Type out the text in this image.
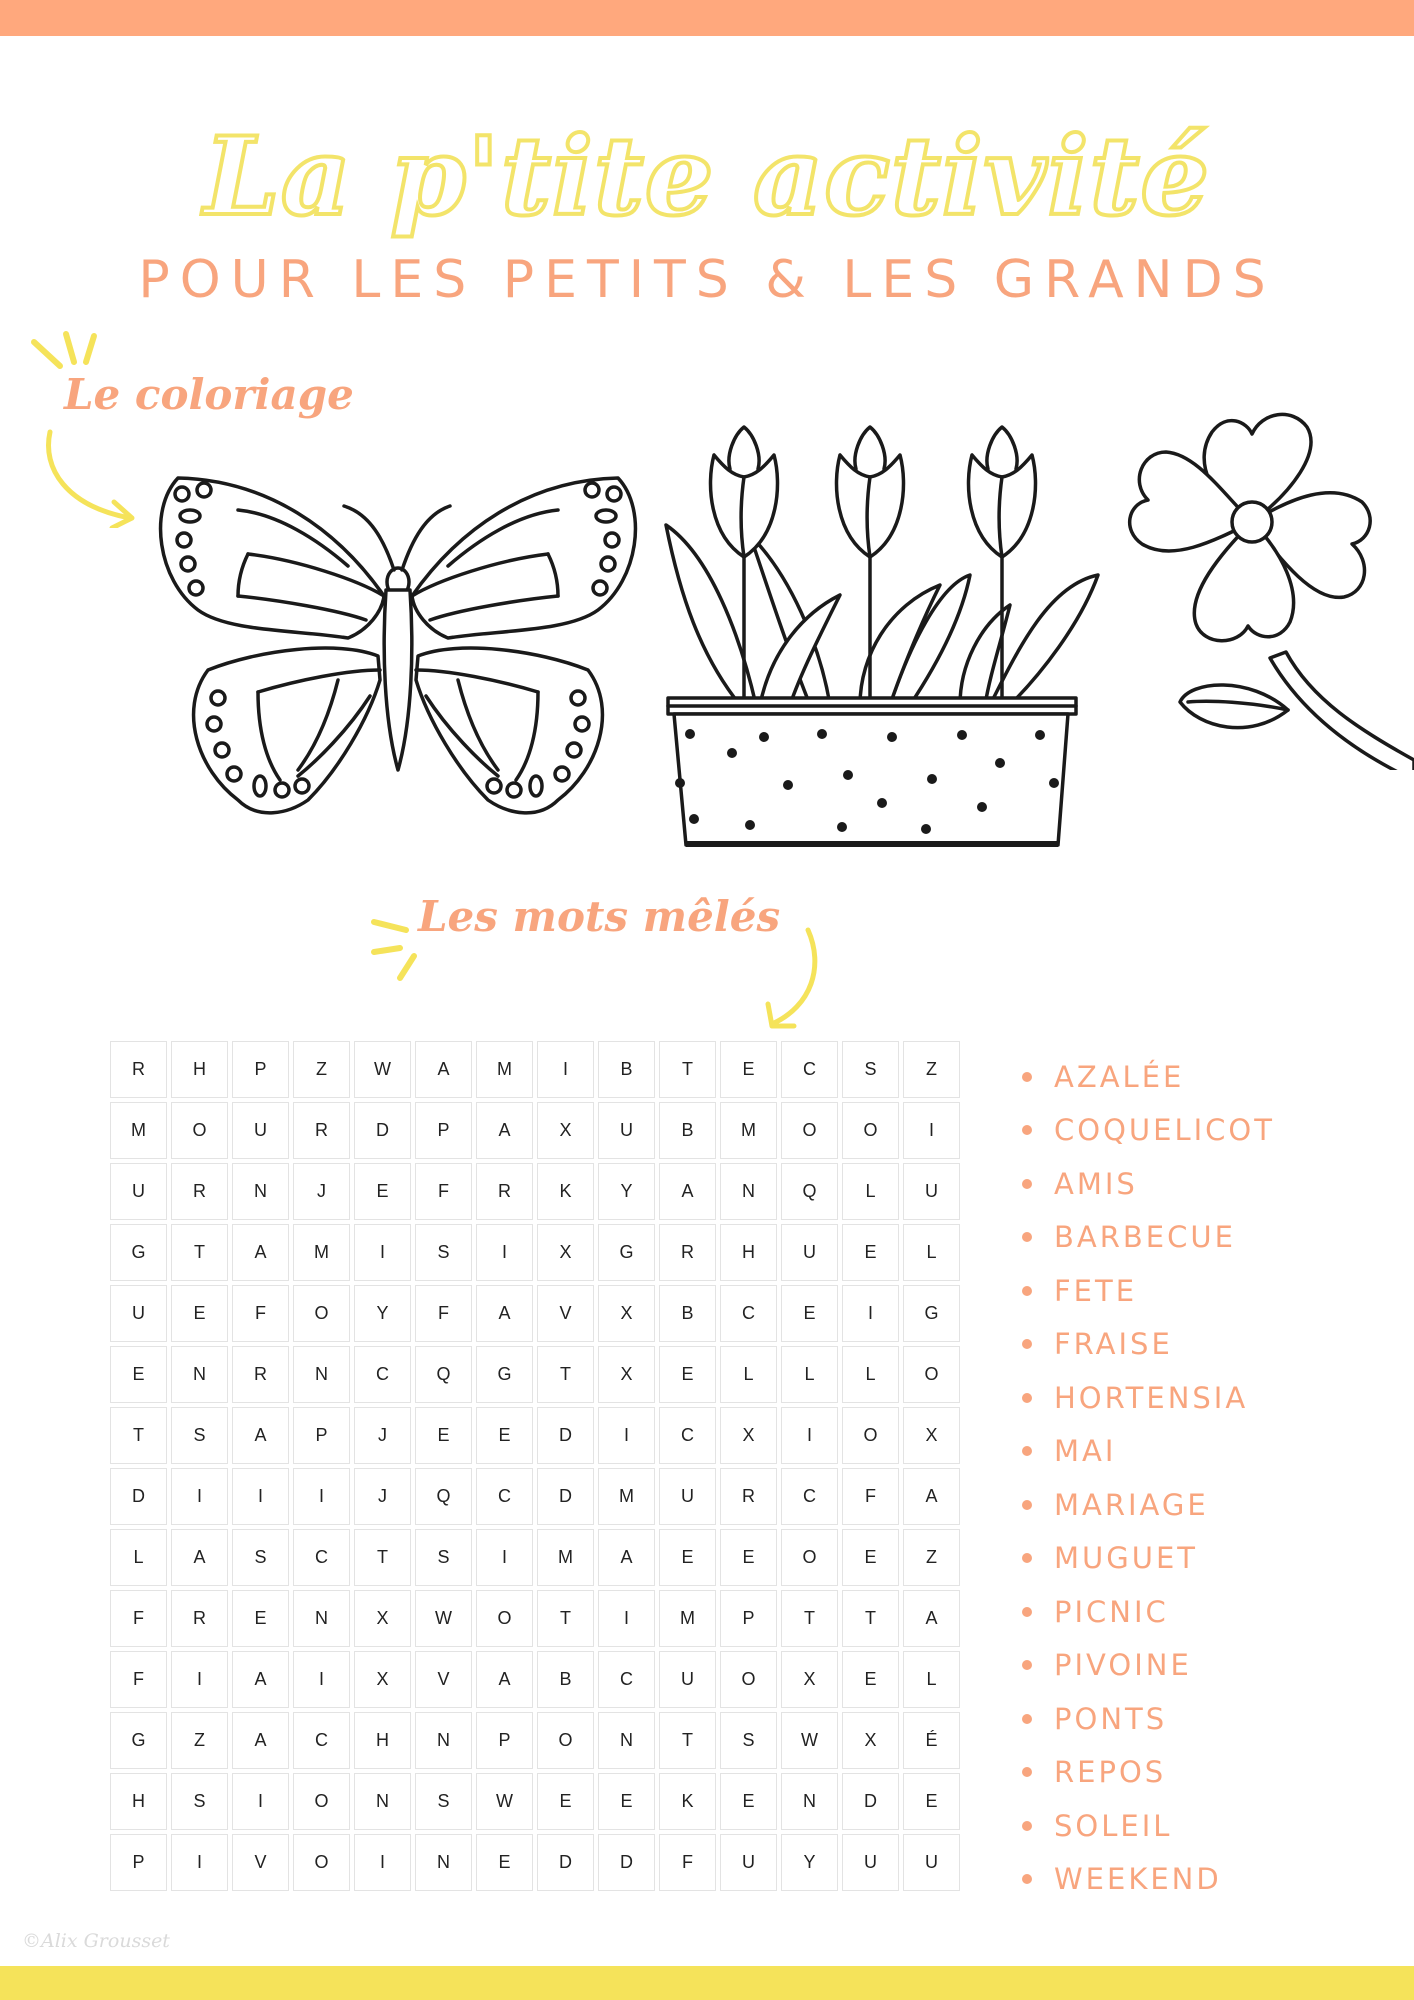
La p'tite activité
POUR LES PETITS & LES GRANDS
Le coloriage
Les mots mêlés
R	H	P	Z	W	A	M	I	B	T	E	C	S	Z
M	O	U	R	D	P	A	X	U	B	M	O	O	I
U	R	N	J	E	F	R	K	Y	A	N	Q	L	U
G	T	A	M	I	S	I	X	G	R	H	U	E	L
U	E	F	O	Y	F	A	V	X	B	C	E	I	G
E	N	R	N	C	Q	G	T	X	E	L	L	L	O
T	S	A	P	J	E	E	D	I	C	X	I	O	X
D	I	I	I	J	Q	C	D	M	U	R	C	F	A
L	A	S	C	T	S	I	M	A	E	E	O	E	Z
F	R	E	N	X	W	O	T	I	M	P	T	T	A
F	I	A	I	X	V	A	B	C	U	O	X	E	L
G	Z	A	C	H	N	P	O	N	T	S	W	X	É
H	S	I	O	N	S	W	E	E	K	E	N	D	E
P	I	V	O	I	N	E	D	D	F	U	Y	U	U
AZALÉE
COQUELICOT
AMIS
BARBECUE
FETE
FRAISE
HORTENSIA
MAI
MARIAGE
MUGUET
PICNIC
PIVOINE
PONTS
REPOS
SOLEIL
WEEKEND
©Alix Grousset
